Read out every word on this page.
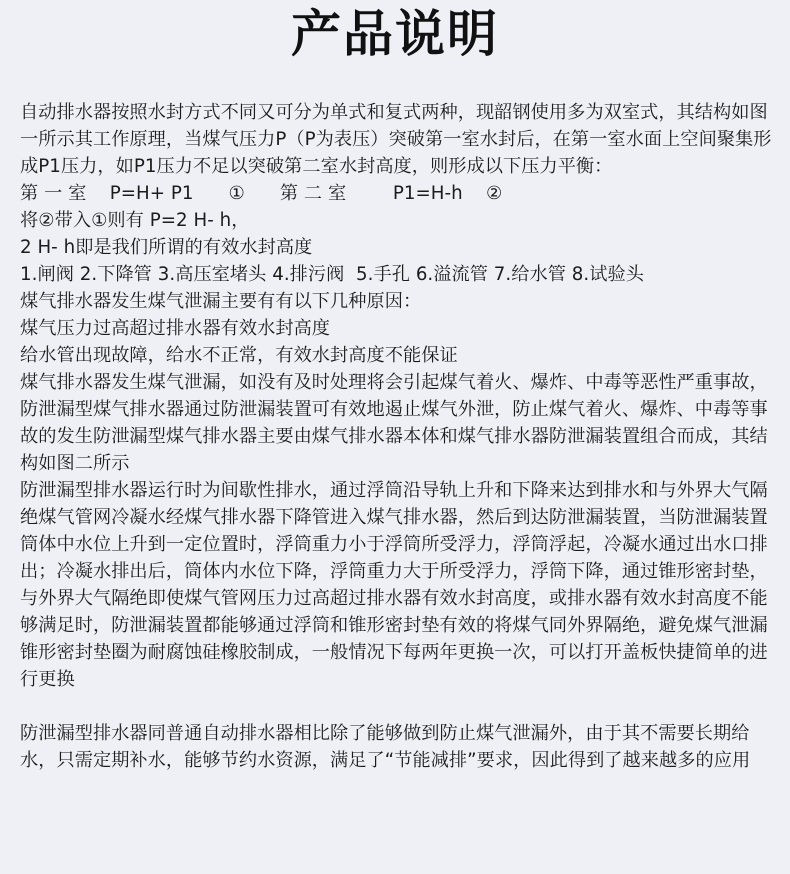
产品说明

自动排水器按照水封方式不同又可分为单式和复式两种，现韶钢使用多为双室式，其结构如图一所示其工作原理，当煤气压力P（P为表压）突破第一室水封后，在第一室水面上空间聚集形成P1压力，如P1压力不足以突破第二室水封高度，则形成以下压力平衡：

第 一 室    P=H+ P1      ①      第 二 室        P1=H-h    ②

将②带入①则有 P=2 H- h，

2 H- h即是我们所谓的有效水封高度

1.闸阀 2.下降管 3.高压室堵头 4.排污阀  5.手孔 6.溢流管 7.给水管 8.试验头

煤气排水器发生煤气泄漏主要有有以下几种原因：

煤气压力过高超过排水器有效水封高度

给水管出现故障，给水不正常，有效水封高度不能保证

煤气排水器发生煤气泄漏，如没有及时处理将会引起煤气着火、爆炸、中毒等恶性严重事故，防泄漏型煤气排水器通过防泄漏装置可有效地遏止煤气外泄，防止煤气着火、爆炸、中毒等事故的发生防泄漏型煤气排水器主要由煤气排水器本体和煤气排水器防泄漏装置组合而成，其结构如图二所示

防泄漏型排水器运行时为间歇性排水，通过浮筒沿导轨上升和下降来达到排水和与外界大气隔绝煤气管网冷凝水经煤气排水器下降管进入煤气排水器，然后到达防泄漏装置，当防泄漏装置筒体中水位上升到一定位置时，浮筒重力小于浮筒所受浮力，浮筒浮起，冷凝水通过出水口排出；冷凝水排出后，筒体内水位下降，浮筒重力大于所受浮力，浮筒下降，通过锥形密封垫，与外界大气隔绝即使煤气管网压力过高超过排水器有效水封高度，或排水器有效水封高度不能够满足时，防泄漏装置都能够通过浮筒和锥形密封垫有效的将煤气同外界隔绝，避免煤气泄漏锥形密封垫圈为耐腐蚀硅橡胶制成，一般情况下每两年更换一次，可以打开盖板快捷简单的进行更换

防泄漏型排水器同普通自动排水器相比除了能够做到防止煤气泄漏外，由于其不需要长期给水，只需定期补水，能够节约水资源，满足了“节能减排”要求，因此得到了越来越多的应用
